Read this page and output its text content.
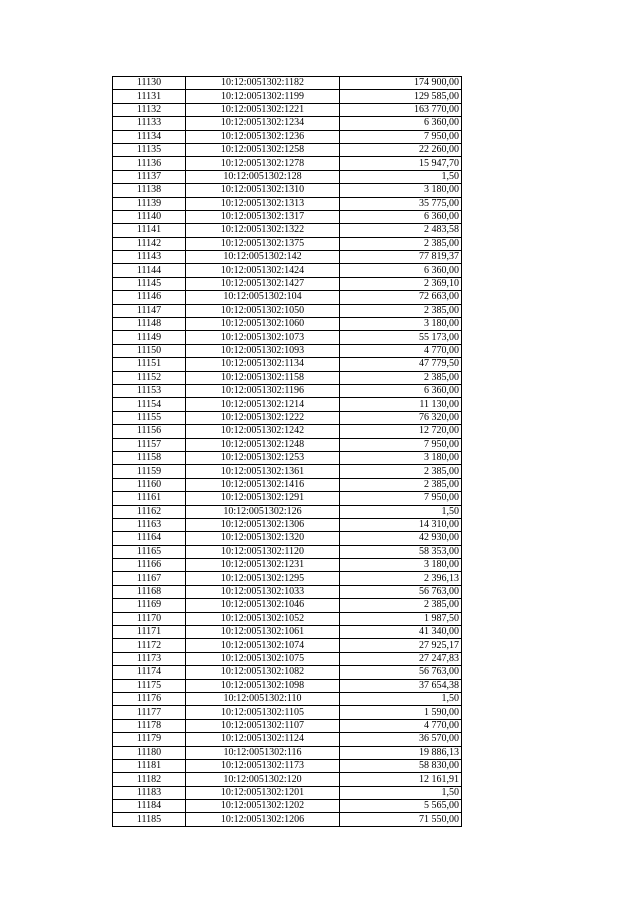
11130	10:12:0051302:1182	174 900,00
11131	10:12:0051302:1199	129 585,00
11132	10:12:0051302:1221	163 770,00
11133	10:12:0051302:1234	6 360,00
11134	10:12:0051302:1236	7 950,00
11135	10:12:0051302:1258	22 260,00
11136	10:12:0051302:1278	15 947,70
11137	10:12:0051302:128	1,50
11138	10:12:0051302:1310	3 180,00
11139	10:12:0051302:1313	35 775,00
11140	10:12:0051302:1317	6 360,00
11141	10:12:0051302:1322	2 483,58
11142	10:12:0051302:1375	2 385,00
11143	10:12:0051302:142	77 819,37
11144	10:12:0051302:1424	6 360,00
11145	10:12:0051302:1427	2 369,10
11146	10:12:0051302:104	72 663,00
11147	10:12:0051302:1050	2 385,00
11148	10:12:0051302:1060	3 180,00
11149	10:12:0051302:1073	55 173,00
11150	10:12:0051302:1093	4 770,00
11151	10:12:0051302:1134	47 779,50
11152	10:12:0051302:1158	2 385,00
11153	10:12:0051302:1196	6 360,00
11154	10:12:0051302:1214	11 130,00
11155	10:12:0051302:1222	76 320,00
11156	10:12:0051302:1242	12 720,00
11157	10:12:0051302:1248	7 950,00
11158	10:12:0051302:1253	3 180,00
11159	10:12:0051302:1361	2 385,00
11160	10:12:0051302:1416	2 385,00
11161	10:12:0051302:1291	7 950,00
11162	10:12:0051302:126	1,50
11163	10:12:0051302:1306	14 310,00
11164	10:12:0051302:1320	42 930,00
11165	10:12:0051302:1120	58 353,00
11166	10:12:0051302:1231	3 180,00
11167	10:12:0051302:1295	2 396,13
11168	10:12:0051302:1033	56 763,00
11169	10:12:0051302:1046	2 385,00
11170	10:12:0051302:1052	1 987,50
11171	10:12:0051302:1061	41 340,00
11172	10:12:0051302:1074	27 925,17
11173	10:12:0051302:1075	27 247,83
11174	10:12:0051302:1082	56 763,00
11175	10:12:0051302:1098	37 654,38
11176	10:12:0051302:110	1,50
11177	10:12:0051302:1105	1 590,00
11178	10:12:0051302:1107	4 770,00
11179	10:12:0051302:1124	36 570,00
11180	10:12:0051302:116	19 886,13
11181	10:12:0051302:1173	58 830,00
11182	10:12:0051302:120	12 161,91
11183	10:12:0051302:1201	1,50
11184	10:12:0051302:1202	5 565,00
11185	10:12:0051302:1206	71 550,00
